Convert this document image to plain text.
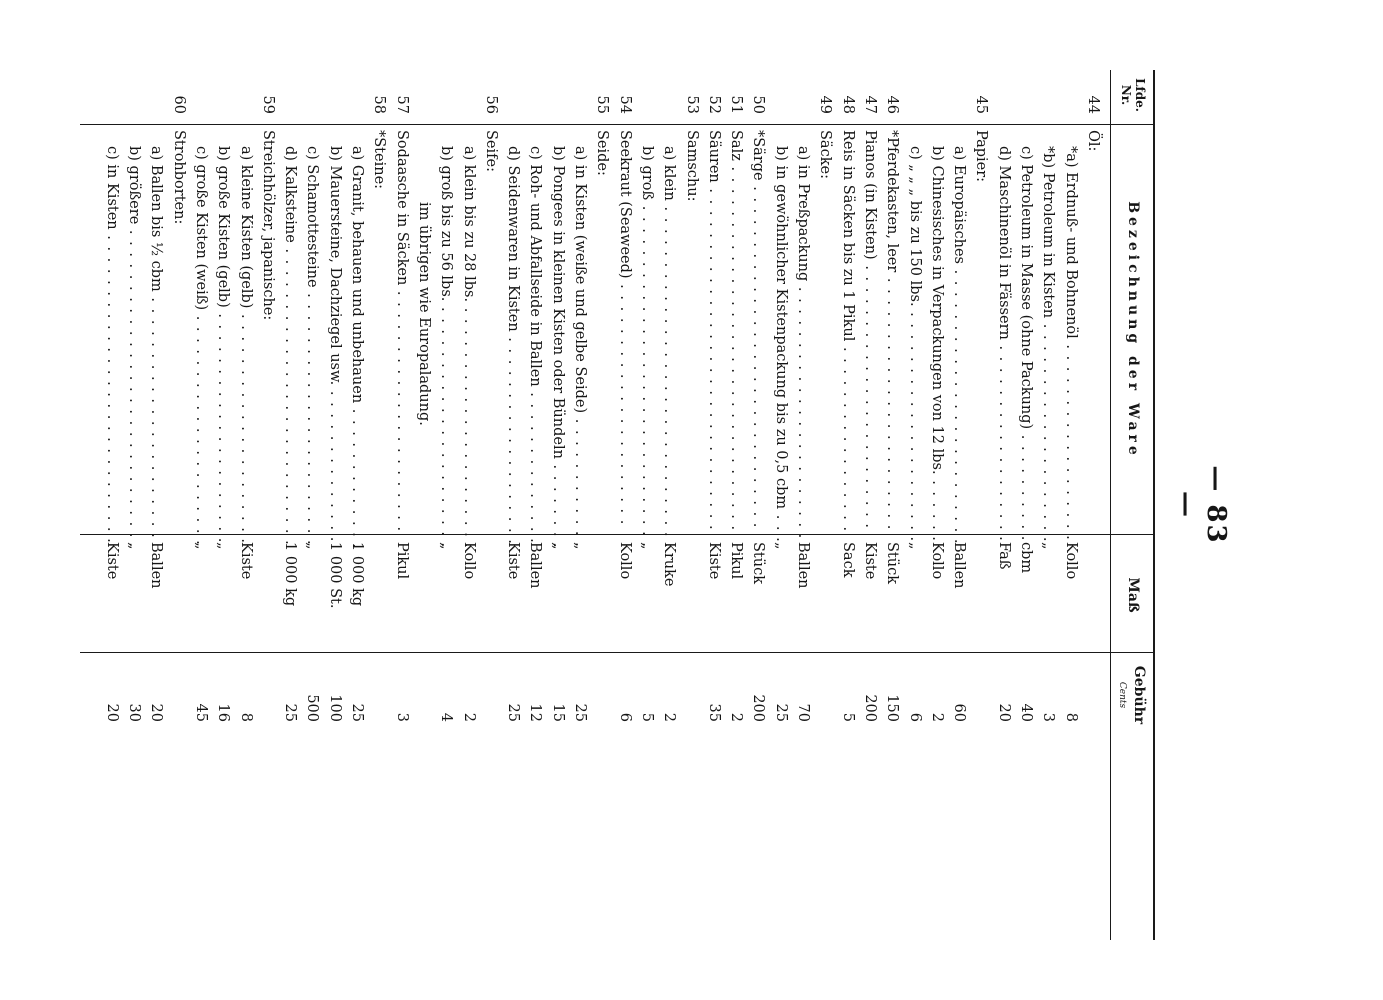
— 83 —
Lfde. Nr.
Bezeichnung der Ware
Maß
Gebühr
Cents
44
Öl:
*a) Erdnuß- und Bohnenöl . . .
Kollo
8
*b) Petroleum in Kisten . . .
„
3
c) Petroleum in Masse (ohne Packung) . . .
cbm
40
d) Maschinenöl in Fässern . . .
Faß
20
45
Papier:
a) Europäisches . . .
Ballen
60
b) Chinesisches in Verpackungen von 12 lbs. . . .
Kollo
2
c) „ „ „ bis zu 150 lbs. . . .
„
6
46
*Pferdekasten, leer . . .
Stück
150
47
Pianos (in Kisten) . . .
Kiste
200
48
Reis in Säcken bis zu 1 Pikul . . .
Sack
5
49
Säcke:
a) in Preßpackung . . .
Ballen
70
b) in gewöhnlicher Kistenpackung bis zu 0,5 cbm . . .
„
25
50
*Särge . . .
Stück
200
51
Salz . . .
Pikul
2
52
Säuren . . .
Kiste
35
53
Samschu:
a) klein . . .
Kruke
2
b) groß . . .
„
5
54
Seekraut (Seaweed) . . .
Kollo
6
55
Seide:
a) in Kisten (weiße und gelbe Seide) . . .
„
25
b) Pongees in kleinen Kisten oder Bündeln . . .
„
15
c) Roh- und Abfallseide in Ballen . . .
Ballen
12
d) Seidenwaren in Kisten . . .
Kiste
25
56
Seife:
a) klein bis zu 28 lbs. . . .
Kollo
2
b) groß bis zu 56 lbs. . . .
„
4
im übrigen wie Europaladung.
57
Sodaasche in Säcken . . .
Pikul
3
58
*Steine:
a) Granit, behauen und unbehauen . . .
1 000 kg
25
b) Mauersteine, Dachziegel usw. . . .
1 000 St.
100
c) Schamottesteine . . .
„
500
d) Kalksteine . . .
1 000 kg
25
59
Streichhölzer, japanische:
a) kleine Kisten (gelb) . . .
Kiste
8
b) große Kisten (gelb) . . .
„
16
c) große Kisten (weiß) . . .
„
45
60
Strohborten:
a) Ballen bis ½ cbm . . .
Ballen
20
b) größere . . .
„
30
c) in Kisten . . .
Kiste
20
